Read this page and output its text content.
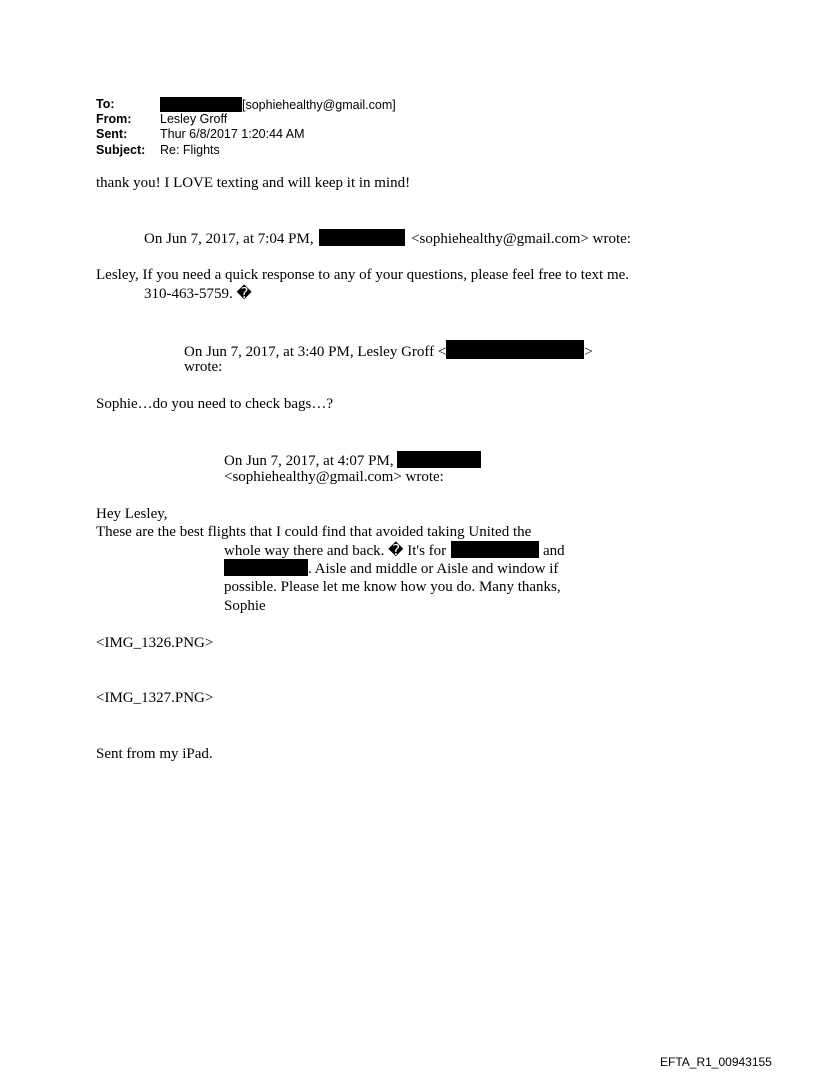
To:	[sophiehealthy@gmail.com]
From: Lesley Groff
Sent:	Thur 6/8/2017 1:20:44 AM
Subject: Re: Flights
thank you! I LOVE texting and will keep it in mind!
On Jun 7, 2017, at 7:04 PM,	<sophiehealthy@gmail.com> wrote:
Lesley, If you need a quick response to any of your questions, please feel free to text me.
310-463-5759. �
On Jun 7, 2017, at 3:40 PM, Lesley Groff <	>
wrote:
Sophie…do you need to check bags…?
On Jun 7, 2017, at 4:07 PM,
<sophiehealthy@gmail.com> wrote:
Hey Lesley,
These are the best flights that I could find that avoided taking United the
whole way there and back. � It's for	and
. Aisle and middle or Aisle and window if
possible. Please let me know how you do. Many thanks,
Sophie
<IMG_1326.PNG>
<IMG_1327.PNG>
Sent from my iPad.
EFTA_R1_00943155
